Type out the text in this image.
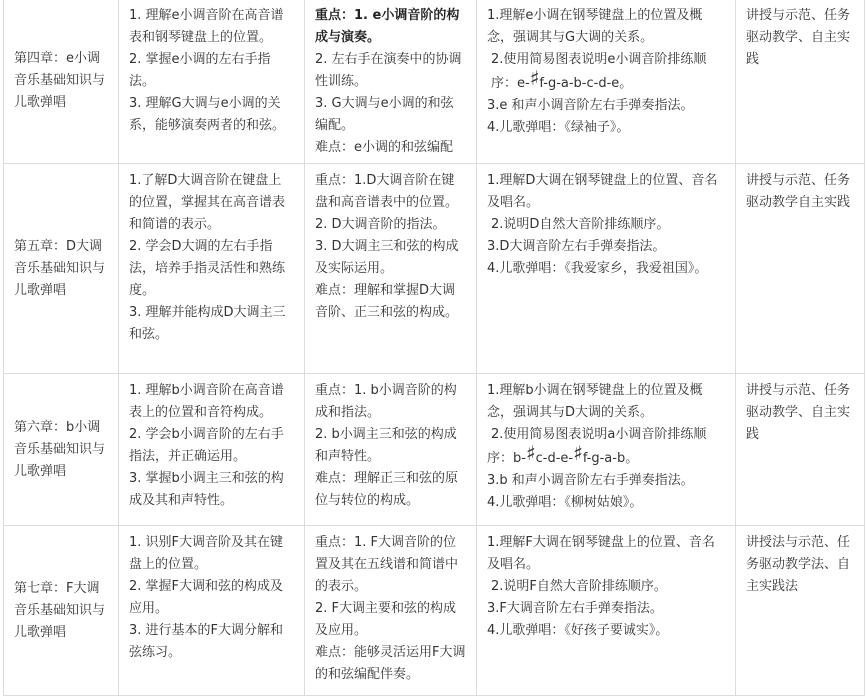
第四章：e小调音乐基础知识与儿歌弹唱	1. 理解e小调音阶在高音谱表和钢琴键盘上的位置。
2. 掌握e小调的左右手指法。
3. 理解G大调与e小调的关系，能够演奏两者的和弦。	重点：1. e小调音阶的构成与演奏。
2. 左右手在演奏中的协调性训练。
3. G大调与e小调的和弦编配。
难点：e小调的和弦编配	1.理解e小调在钢琴键盘上的位置及概念，强调其与G大调的关系。
2.使用简易图表说明e小调音阶排练顺序：e-♯f-g-a-b-c-d-e。
3.e 和声小调音阶左右手弹奏指法。
4.儿歌弹唱：《绿袖子》。	讲授与示范、任务驱动教学、自主实践
第五章：D大调音乐基础知识与儿歌弹唱	1.了解D大调音阶在键盘上的位置，掌握其在高音谱表和简谱的表示。
2. 学会D大调的左右手指法，培养手指灵活性和熟练度。
3. 理解并能构成D大调主三和弦。	重点：1.D大调音阶在键盘和高音谱表中的位置。
2. D大调音阶的指法。
3. D大调主三和弦的构成及实际运用。
难点：理解和掌握D大调音阶、正三和弦的构成。	1.理解D大调在钢琴键盘上的位置、音名及唱名。
2.说明D自然大音阶排练顺序。
3.D大调音阶左右手弹奏指法。
4.儿歌弹唱：《我爱家乡，我爱祖国》。	讲授与示范、任务驱动教学自主实践
第六章：b小调音乐基础知识与儿歌弹唱	1. 理解b小调音阶在高音谱表上的位置和音符构成。
2. 学会b小调音阶的左右手指法，并正确运用。
3. 掌握b小调主三和弦的构成及其和声特性。	重点：1. b小调音阶的构成和指法。
2. b小调主三和弦的构成和声特性。
难点：理解正三和弦的原位与转位的构成。	1.理解b小调在钢琴键盘上的位置及概念，强调其与D大调的关系。
2.使用简易图表说明a小调音阶排练顺
序：b-♯c-d-e-♯f-g-a-b。
3.b 和声小调音阶左右手弹奏指法。
4.儿歌弹唱：《柳树姑娘》。	讲授与示范、任务驱动教学、自主实践
第七章：F大调音乐基础知识与儿歌弹唱	1. 识别F大调音阶及其在键盘上的位置。
2. 掌握F大调和弦的构成及应用。
3. 进行基本的F大调分解和弦练习。	重点：1. F大调音阶的位置及其在五线谱和简谱中的表示。
2. F大调主要和弦的构成及应用。
难点：能够灵活运用F大调的和弦编配伴奏。	1.理解F大调在钢琴键盘上的位置、音名及唱名。
2.说明F自然大音阶排练顺序。
3.F大调音阶左右手弹奏指法。
4.儿歌弹唱：《好孩子要诚实》。	讲授法与示范、任务驱动教学法、自主实践法
